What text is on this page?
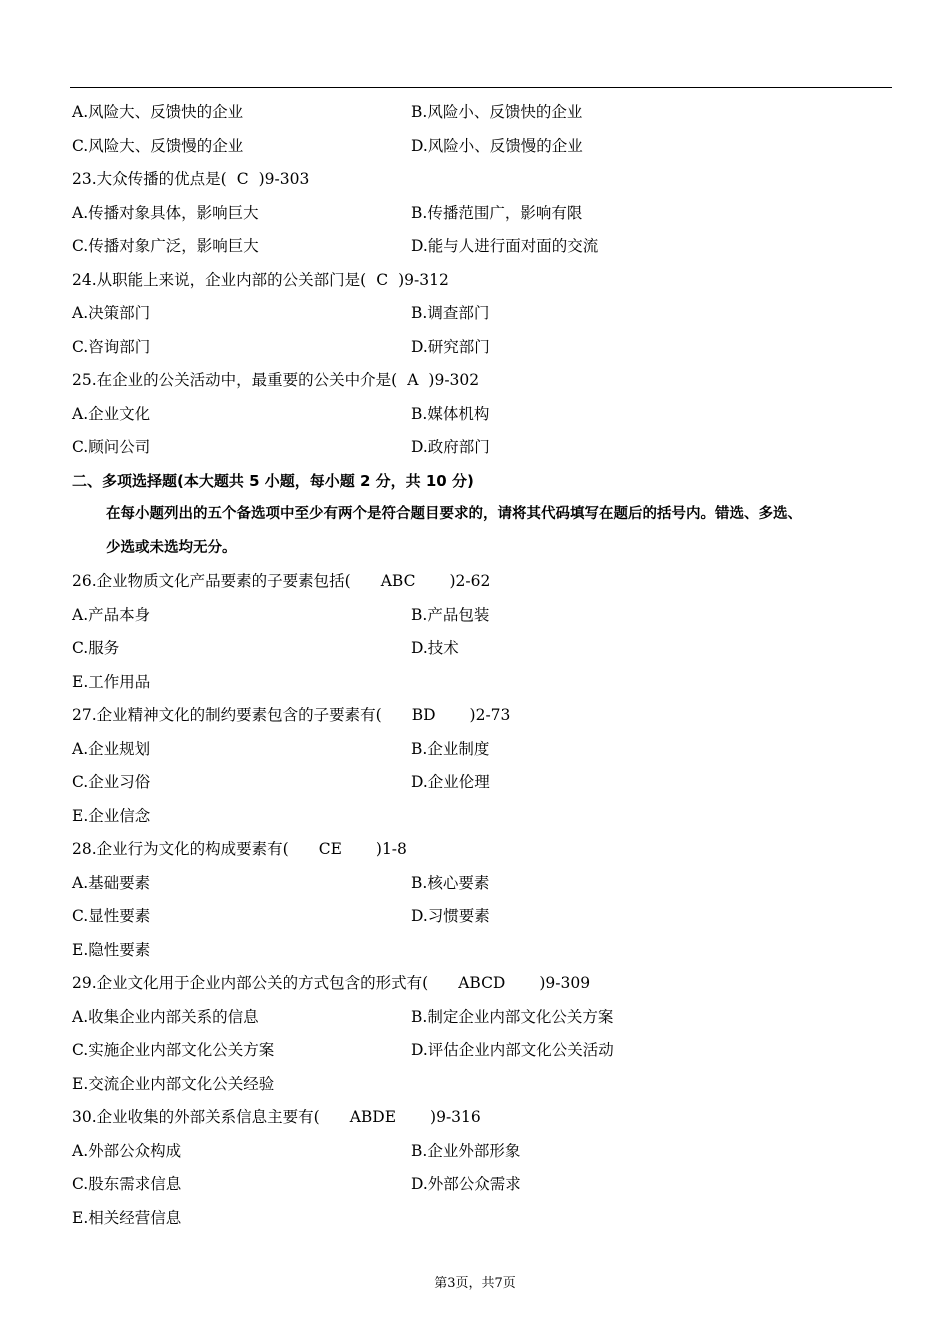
A.风险大、反馈快的企业	B.风险小、反馈快的企业
C.风险大、反馈慢的企业	D.风险小、反馈慢的企业
23.大众传播的优点是( C )9-303
A.传播对象具体，影响巨大	B.传播范围广，影响有限
C.传播对象广泛，影响巨大	D.能与人进行面对面的交流
24.从职能上来说，企业内部的公关部门是( C )9-312
A.决策部门	B.调查部门
C.咨询部门	D.研究部门
25.在企业的公关活动中，最重要的公关中介是( A )9-302
A.企业文化	B.媒体机构
C.顾问公司	D.政府部门
二、多项选择题(本大题共 5 小题，每小题 2 分，共 10 分)
在每小题列出的五个备选项中至少有两个是符合题目要求的，请将其代码填写在题后的括号内。错选、多选、
少选或未选均无分。
26.企业物质文化产品要素的子要素包括( ABC )2-62
A.产品本身	B.产品包装
C.服务	D.技术
E.工作用品
27.企业精神文化的制约要素包含的子要素有( BD )2-73
A.企业规划	B.企业制度
C.企业习俗	D.企业伦理
E.企业信念
28.企业行为文化的构成要素有( CE )1-8
A.基础要素	B.核心要素
C.显性要素	D.习惯要素
E.隐性要素
29.企业文化用于企业内部公关的方式包含的形式有( ABCD )9-309
A.收集企业内部关系的信息	B.制定企业内部文化公关方案
C.实施企业内部文化公关方案	D.评估企业内部文化公关活动
E.交流企业内部文化公关经验
30.企业收集的外部关系信息主要有( ABDE )9-316
A.外部公众构成	B.企业外部形象
C.股东需求信息	D.外部公众需求
E.相关经营信息
第3页，共7页
